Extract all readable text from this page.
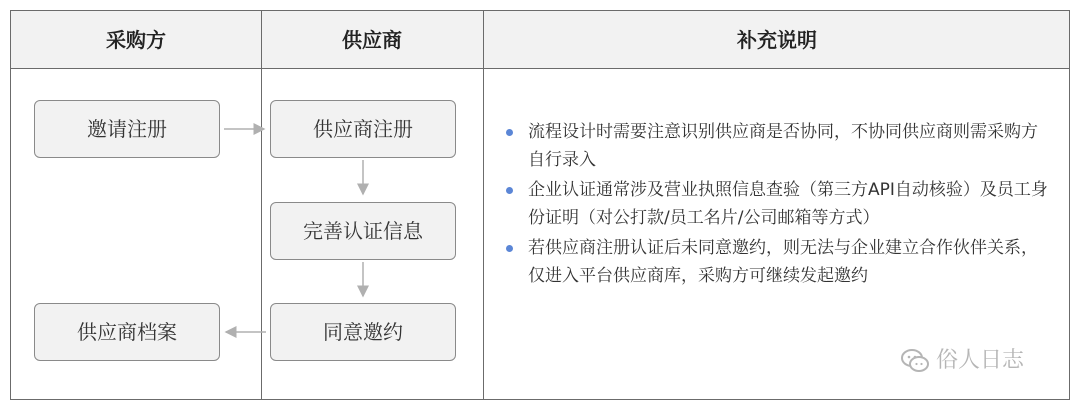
采购方	供应商	补充说明
邀请注册	供应商注册
完善认证信息
同意邀约
供应商档案
流程设计时需要注意识别供应商是否协同，不协同供应商则需采购方自行录入
企业认证通常涉及营业执照信息查验（第三方API自动核验）及员工身份证明（对公打款/员工名片/公司邮箱等方式）
若供应商注册认证后未同意邀约，则无法与企业建立合作伙伴关系，仅进入平台供应商库，采购方可继续发起邀约
俗人日志
